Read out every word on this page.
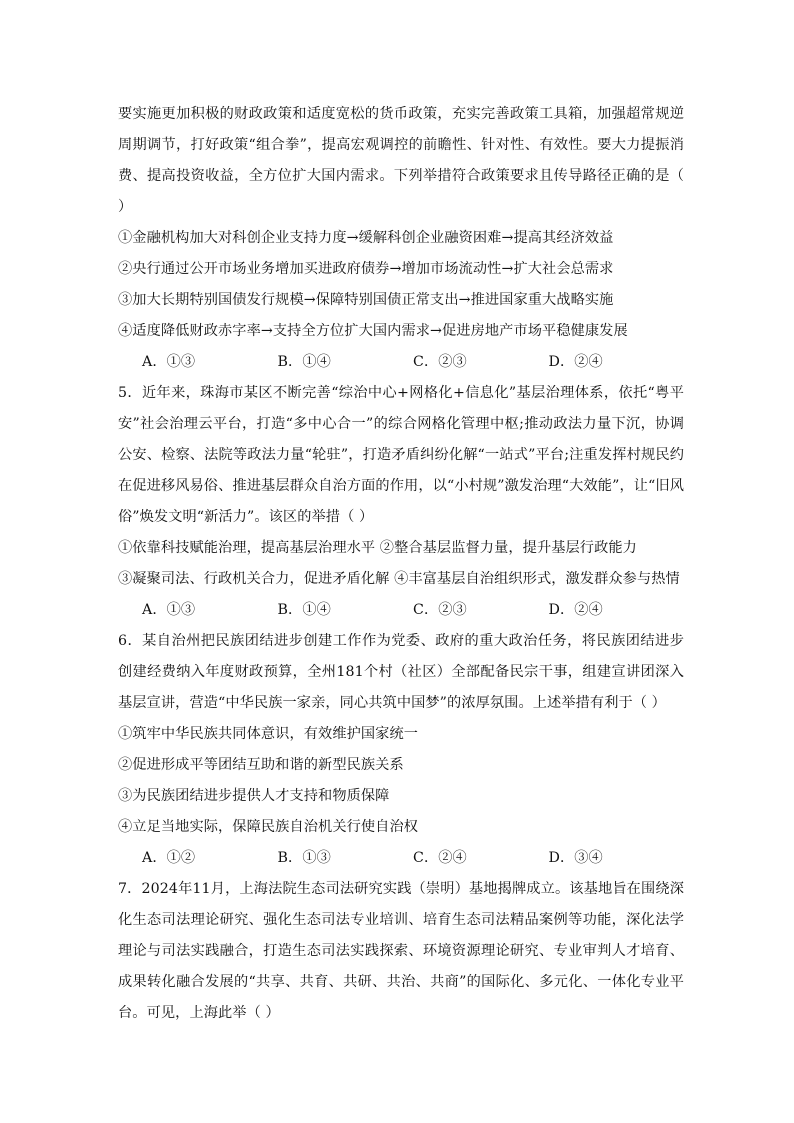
要实施更加积极的财政政策和适度宽松的货币政策，充实完善政策工具箱，加强超常规逆周期调节，打好政策“组合拳”，提高宏观调控的前瞻性、针对性、有效性。要大力提振消费、提高投资收益，全方位扩大国内需求。下列举措符合政策要求且传导路径正确的是（ ）

①金融机构加大对科创企业支持力度→缓解科创企业融资困难→提高其经济效益

②央行通过公开市场业务增加买进政府债券→增加市场流动性→扩大社会总需求

③加大长期特别国债发行规模→保障特别国债正常支出→推进国家重大战略实施

④适度降低财政赤字率→支持全方位扩大国内需求→促进房地产市场平稳健康发展

A．①③	B．①④	C．②③	D．②④

5．近年来，珠海市某区不断完善“综治中心+网格化+信息化”基层治理体系，依托“粤平安”社会治理云平台，打造“多中心合一”的综合网格化管理中枢;推动政法力量下沉，协调公安、检察、法院等政法力量“轮驻”，打造矛盾纠纷化解“一站式”平台;注重发挥村规民约在促进移风易俗、推进基层群众自治方面的作用，以“小村规”激发治理“大效能”，让“旧风俗”焕发文明“新活力”。该区的举措（ ）

①依靠科技赋能治理，提高基层治理水平 ②整合基层监督力量，提升基层行政能力

③凝聚司法、行政机关合力，促进矛盾化解 ④丰富基层自治组织形式，激发群众参与热情

A．①③	B．①④	C．②③	D．②④

6．某自治州把民族团结进步创建工作作为党委、政府的重大政治任务，将民族团结进步创建经费纳入年度财政预算，全州181个村（社区）全部配备民宗干事，组建宣讲团深入基层宣讲，营造“中华民族一家亲，同心共筑中国梦”的浓厚氛围。上述举措有利于（ ）

①筑牢中华民族共同体意识，有效维护国家统一

②促进形成平等团结互助和谐的新型民族关系

③为民族团结进步提供人才支持和物质保障

④立足当地实际，保障民族自治机关行使自治权

A．①②	B．①③	C．②④	D．③④

7．2024年11月，上海法院生态司法研究实践（崇明）基地揭牌成立。该基地旨在围绕深化生态司法理论研究、强化生态司法专业培训、培育生态司法精品案例等功能，深化法学理论与司法实践融合，打造生态司法实践探索、环境资源理论研究、专业审判人才培育、成果转化融合发展的“共享、共育、共研、共治、共商”的国际化、多元化、一体化专业平台。可见，上海此举（ ）
